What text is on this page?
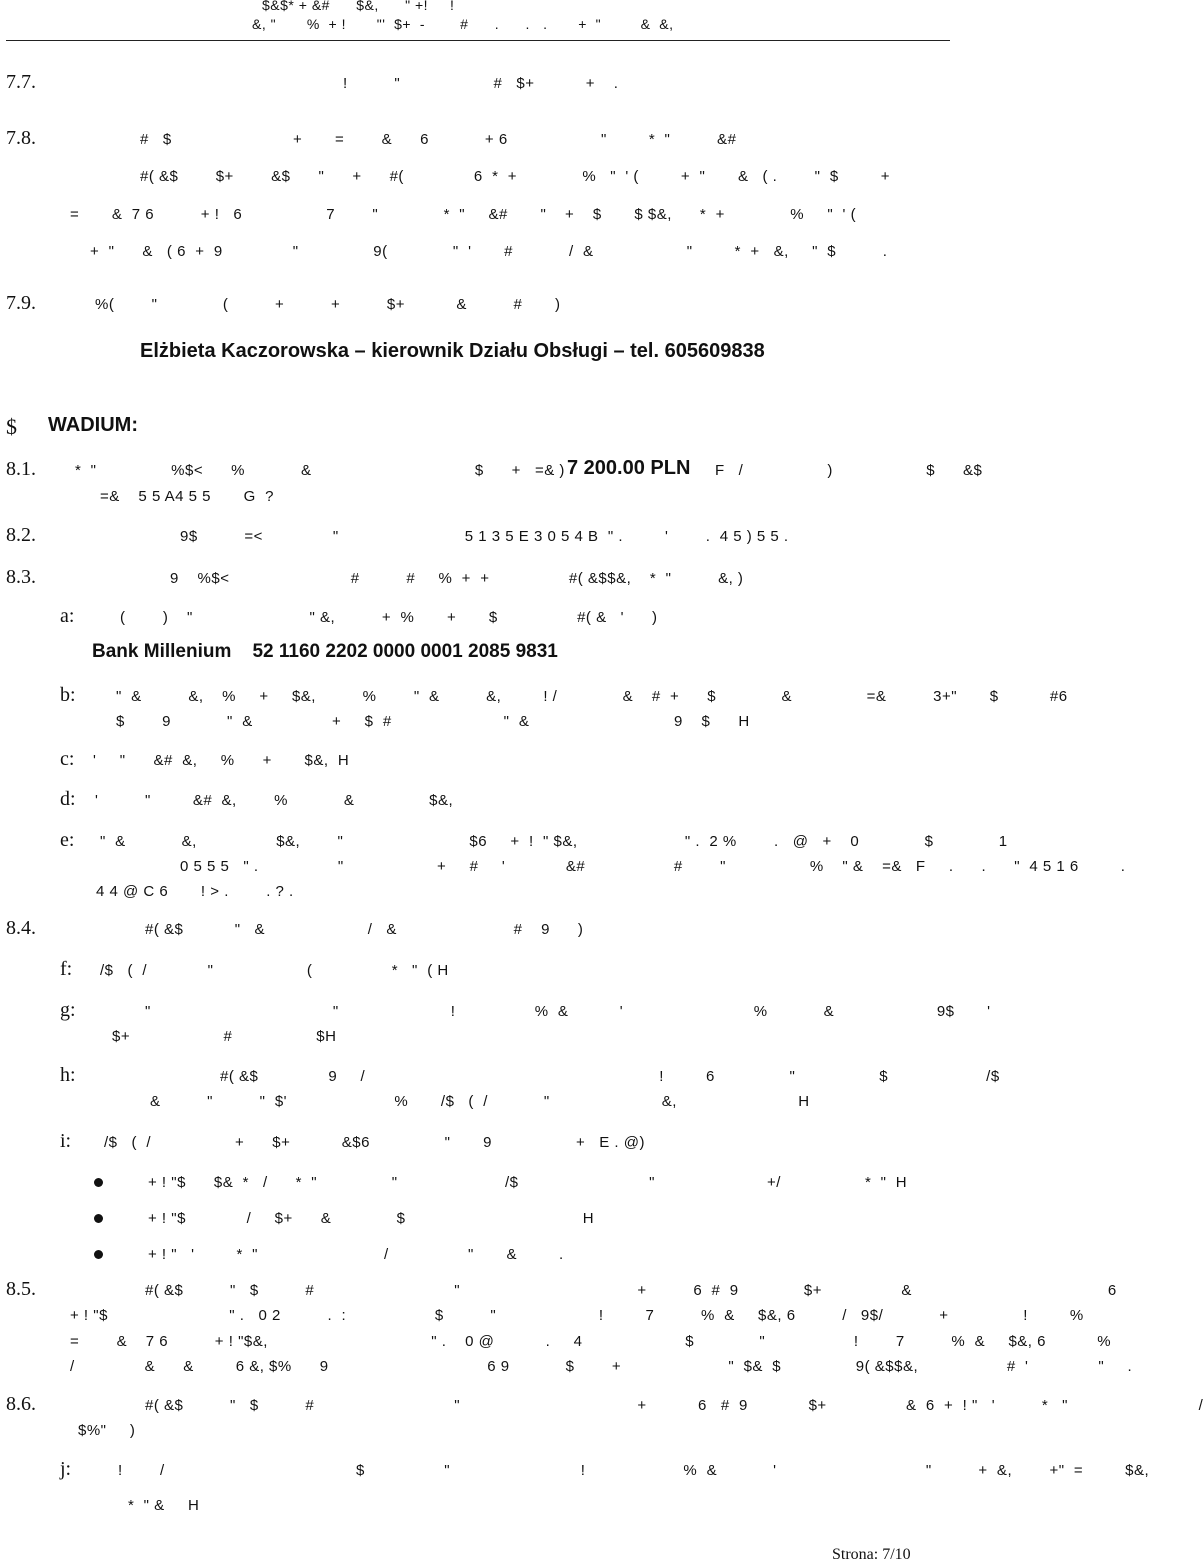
$&$* + &#      $&,      " +!     !
&, "       %  + !       "'  $+  -        #      .      .   .       +  "         &  &,
7.7.	!          "                    #   $+           +    .
7.8.	#   $                          +       =        &      6            + 6                    "         *  "          &#
#( &$        $+        &$      "      +      #(               6  *  +              %   "  ' (         +  "       &   ( .        "  $         +
=       &  7 6          + !   6                  7        "              *  "     &#       "    +    $       $ $&,      *  +              %     "  ' (
+  "      &   ( 6  +  9               "                9(              "  '       #            /  &                    "         *  +   &,     "  $          .
7.9.	%(        "              (          +          +          $+           &          #       )
Elżbieta Kaczorowska – kierownik Działu Obsługi – tel. 605609838
$ WADIUM:
8.1.	*  "                %$<      %            &                                   $      +   =& ) 7 200.00 PLN F   /                  )                    $      &$
=&    5 5 A4 5 5       G  ?
8.2.	9$          =<               "                           5 1 3 5 E 3 0 5 4 B  " .         '        .  4 5 ) 5 5 .
8.3.	9    %$<                          #          #     %  +  +                 #( &$$&,    *  "          &, )
a:	(        )    "                         " &,          +  %       +       $                 #( &   '      )
Bank Millenium    52 1160 2202 0000 0001 2085 9831
b:	"  &          &,    %     +     $&,          %        "  &          &,         ! /              &    #  +      $              &                =&          3+"       $           #6
$        9            "  &                 +     $  #                        "  &                               9    $      H
c: '     "      &#  &,     %      +       $&,  H
d: '          "         &#  &,        %            &                $&,
e: "  &            &,                 $&,        "                           $6     +  !  " $&,                       " .  2 %        .   @   +    0              $              1
0 5 5 5   " .                 "                    +     #     '             &#                   #        "                  %    " &    =&   F     .      .      "  4 5 1 6         .
4 4 @ C 6       ! > .        . ? .
8.4.	#( &$           "   &                      /   &                         #    9      )
f: /$   (  /             "                    (                 *   "  ( H
g:	"                                       "                        !                 %  &           '                            %            &                      9$       '
$+                    #                  $H
h:	#( &$               9     /                                                               !         6                "                  $                     /$
&          "          "  $'                       %       /$   (  /            "                        &,                          H
i: /$   (  /                  +      $+           &$6                "       9                  +   E . @)
+ ! "$      $&  *   /      *  "                "                       /$                            "                        +/                  *  "  H
+ ! "$             /     $+      &              $                                      H
+ ! "   '         *  "                           /                 "       &         .
8.5.	#( &$          "   $          #                              "                                      +          6  #  9              $+                 &                                          6
+ ! "$                          " .   0 2          .  :                   $          "                      !         7          %  &     $&, 6          /   9$/            +                !         %
=        &    7 6          + ! "$&,                                   " .    0 @           .     4                      $              "                   !        7          %  &     $&, 6           %
/               &      &         6 &, $%      9                                  6 9            $        +                       "  $&  $                9( &$$&,                   #  '               "     .
8.6.	#( &$          "   $          #                              "                                      +           6   #  9             $+                 &  6  +  ! "   '          *   "                            /
$%"     )
j:	!        /                                         $                 "                            !                     %  &            '                                "          +  &,        +"  =         $&,
*  " &     H
Strona: 7/10
